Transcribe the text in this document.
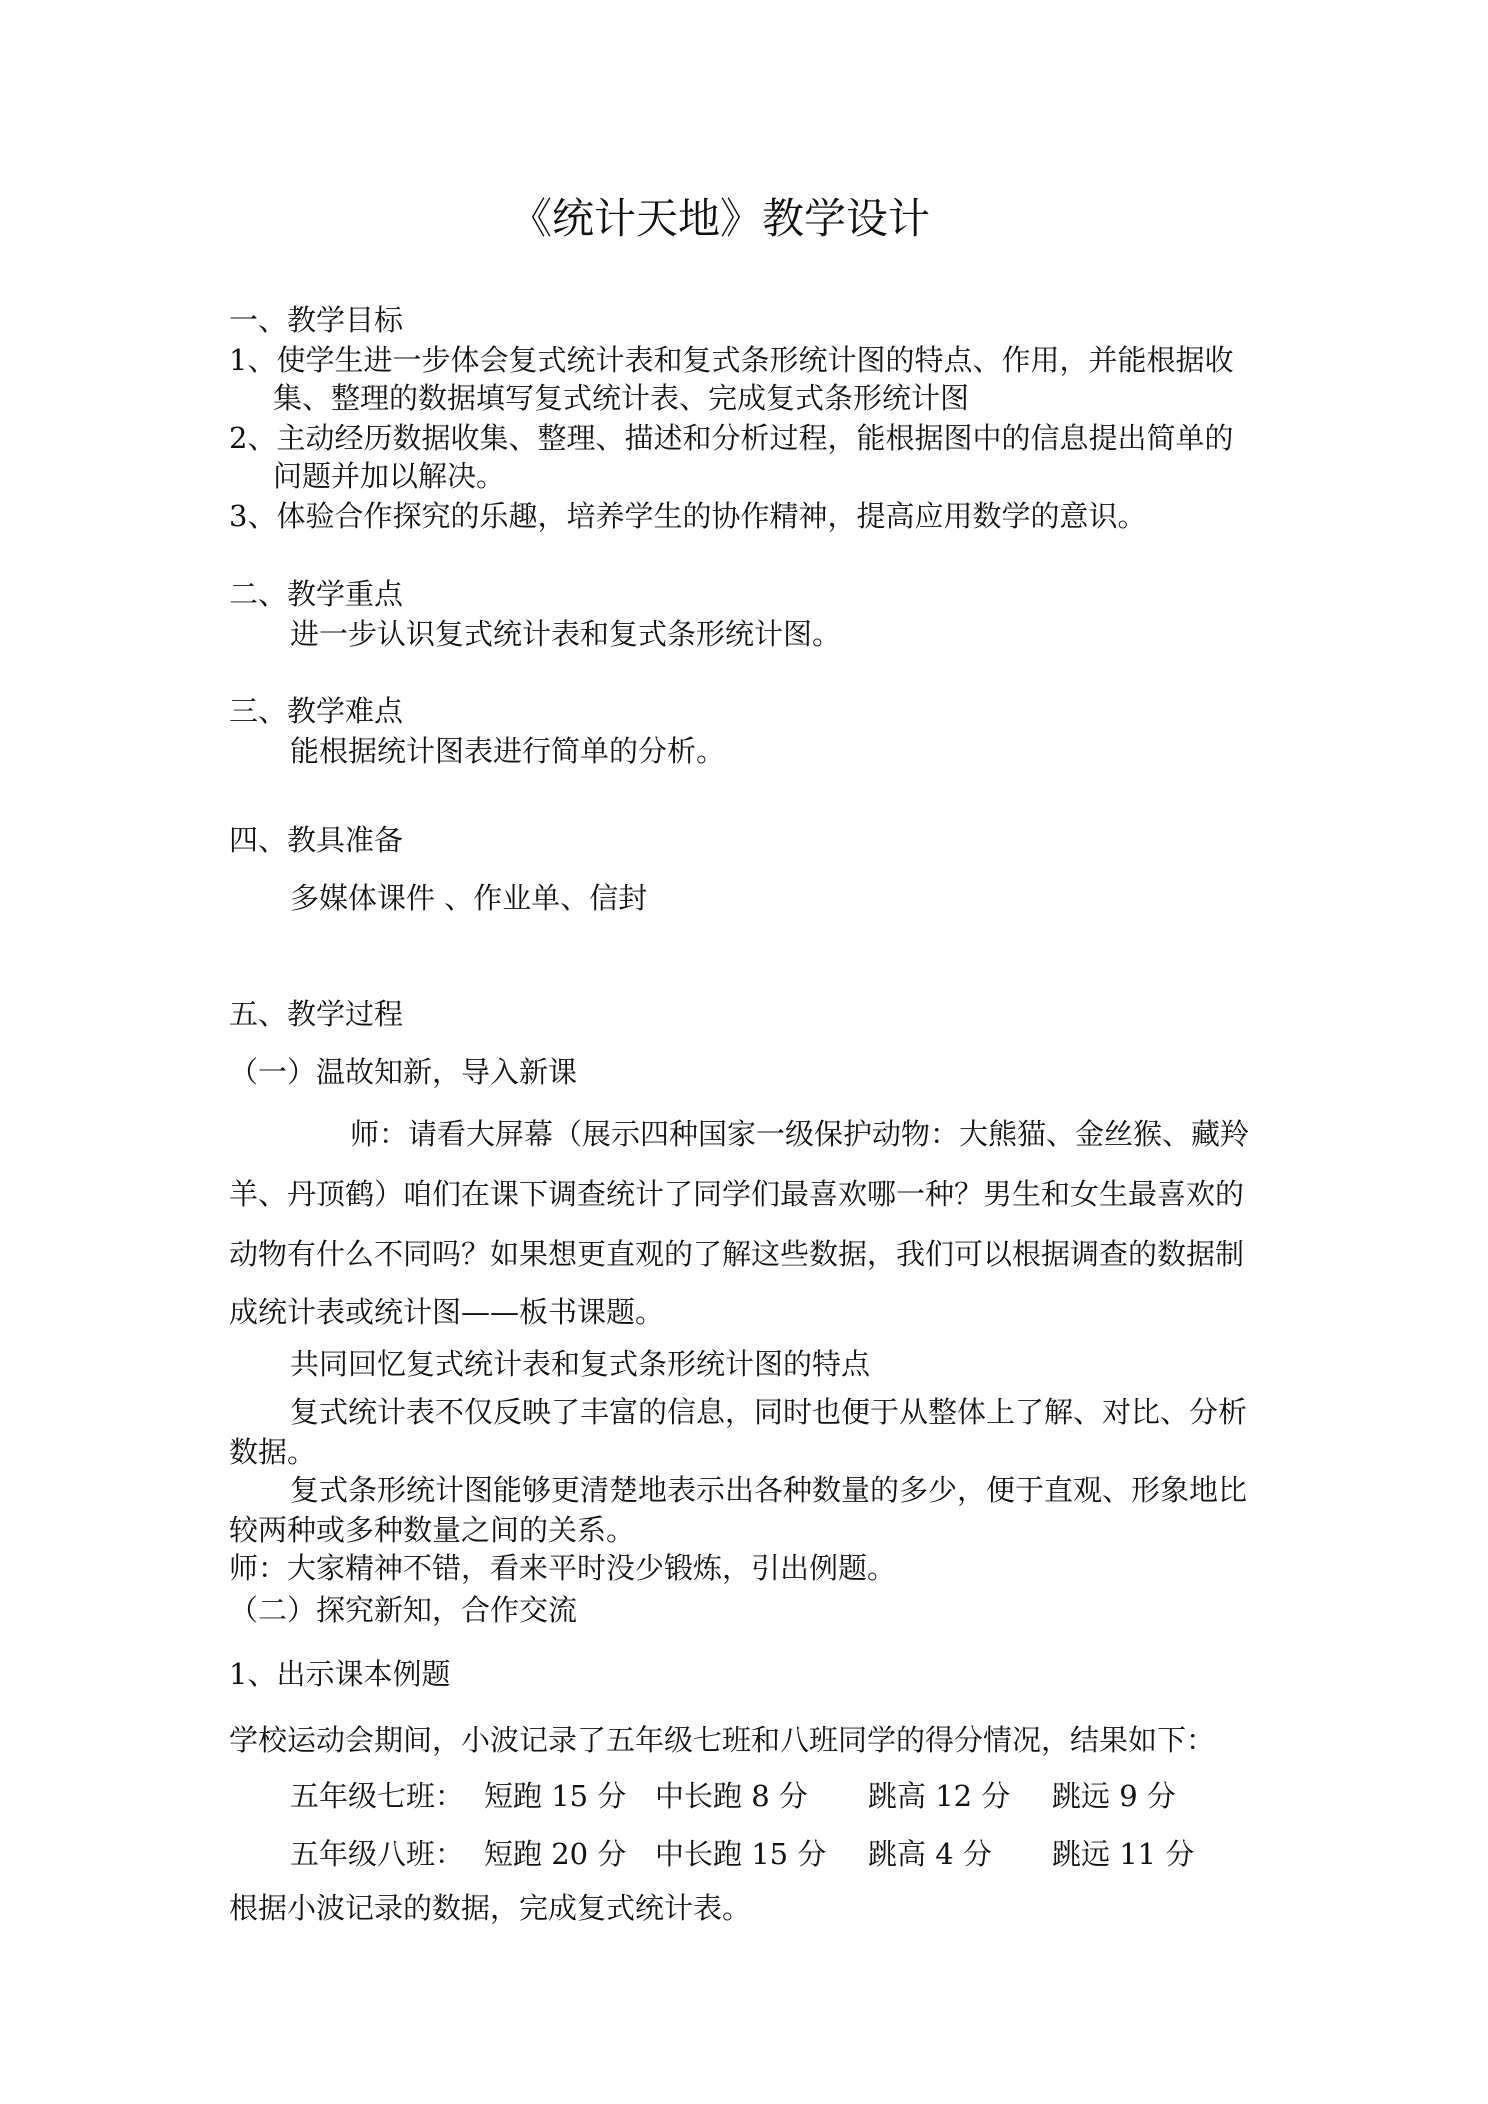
《统计天地》教学设计
一、教学目标
1、使学生进一步体会复式统计表和复式条形统计图的特点、作用，并能根据收
集、整理的数据填写复式统计表、完成复式条形统计图
2、主动经历数据收集、整理、描述和分析过程，能根据图中的信息提出简单的
问题并加以解决。
3、体验合作探究的乐趣，培养学生的协作精神，提高应用数学的意识。
二、教学重点
进一步认识复式统计表和复式条形统计图。
三、教学难点
能根据统计图表进行简单的分析。
四、教具准备
多媒体课件 、作业单、信封
五、教学过程
（一）温故知新，导入新课
师：请看大屏幕（展示四种国家一级保护动物：大熊猫、金丝猴、藏羚
羊、丹顶鹤）咱们在课下调查统计了同学们最喜欢哪一种？男生和女生最喜欢的
动物有什么不同吗？如果想更直观的了解这些数据，我们可以根据调查的数据制
成统计表或统计图——板书课题。
共同回忆复式统计表和复式条形统计图的特点
复式统计表不仅反映了丰富的信息，同时也便于从整体上了解、对比、分析
数据。
复式条形统计图能够更清楚地表示出各种数量的多少，便于直观、形象地比
较两种或多种数量之间的关系。
师：大家精神不错，看来平时没少锻炼，引出例题。
（二）探究新知，合作交流
1、出示课本例题
学校运动会期间，小波记录了五年级七班和八班同学的得分情况，结果如下：
五年级七班： 短跑 15 分 中长跑 8 分 跳高 12 分 跳远 9 分
五年级八班： 短跑 20 分 中长跑 15 分 跳高 4 分 跳远 11 分
根据小波记录的数据，完成复式统计表。
